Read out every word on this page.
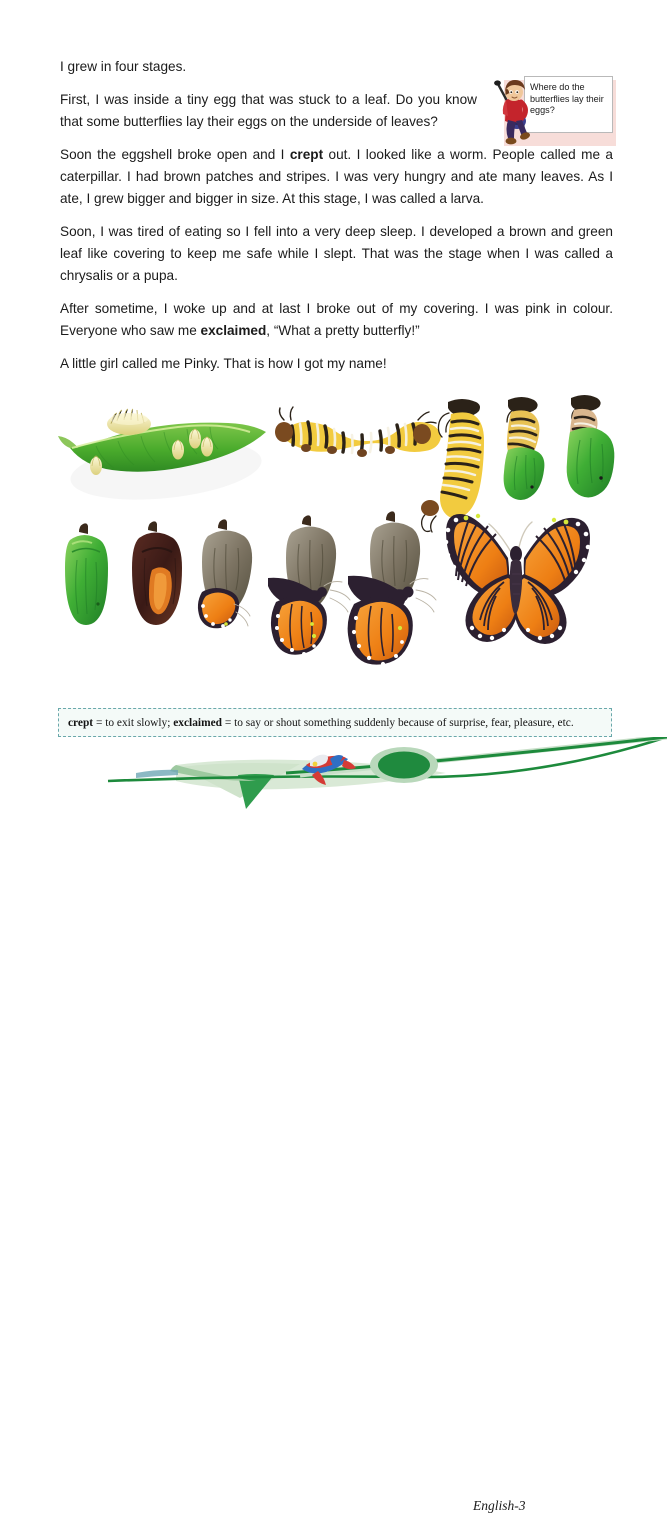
Where do the butterflies lay their eggs?

I grew in four stages.

First, I was inside a tiny egg that was stuck to a leaf. Do you know that some butterflies lay their eggs on the underside of leaves?

Soon the eggshell broke open and I crept out. I looked like a worm. People called me a caterpillar. I had brown patches and stripes. I was very hungry and ate many leaves. As I ate, I grew bigger and bigger in size. At this stage, I was called a larva.

Soon, I was tired of eating so I fell into a very deep sleep. I developed a brown and green leaf like covering to keep me safe while I slept. That was the stage when I was called a chrysalis or a pupa.

After sometime, I woke up and at last I broke out of my covering. I was pink in colour. Everyone who saw me exclaimed, “What a pretty butterfly!”

A little girl called me Pinky. That is how I got my name!

crept = to exit slowly; exclaimed = to say or shout something suddenly because of surprise, fear, pleasure, etc.
11	English-3
